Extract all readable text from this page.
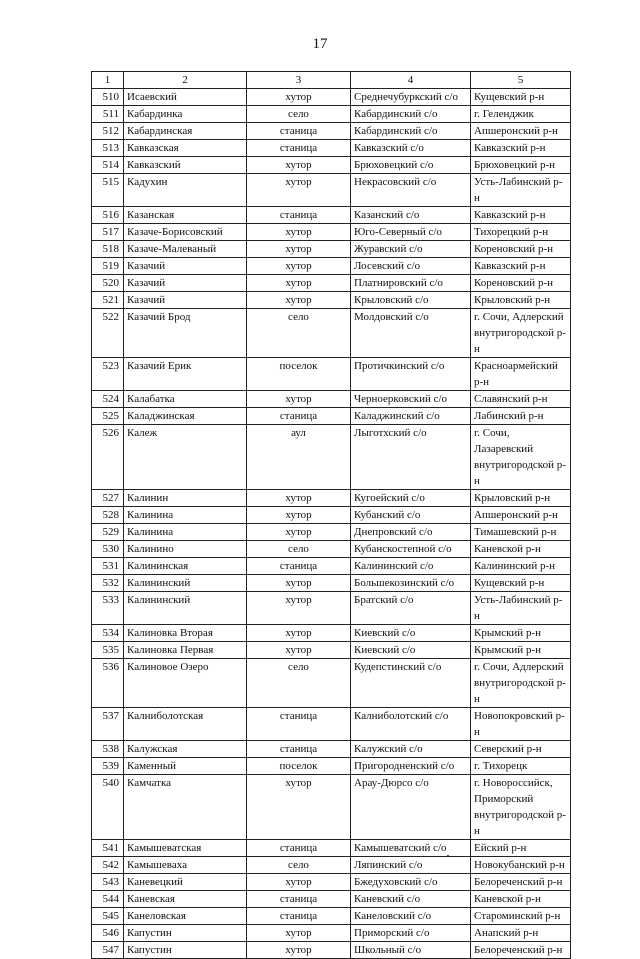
17
1	2	3	4	5
510	Исаевский	хутор	Среднечубуркский с/о	Кущевский р-н

511	Кабардинка	село	Кабардинский с/о	г. Геленджик

512	Кабардинская	станица	Кабардинский с/о	Апшеронский р-н

513	Кавказская	станица	Кавказский с/о	Кавказский р-н

514	Кавказский	хутор	Брюховецкий с/о	Брюховецкий р-н

515	Кадухин	хутор	Некрасовский с/о	Усть-Лабинский р-н

516	Казанская	станица	Казанский с/о	Кавказский р-н

517	Казаче-Борисовский	хутор	Юго-Северный с/о	Тихорецкий р-н

518	Казаче-Малеваный	хутор	Журавский с/о	Кореновский р-н

519	Казачий	хутор	Лосевский с/о	Кавказский р-н

520	Казачий	хутор	Платнировский с/о	Кореновский р-н

521	Казачий	хутор	Крыловский с/о	Крыловский р-н

522	Казачий Брод	село	Молдовский с/о	г. Сочи, Адлерский
внутригородской р-н

523	Казачий Ерик	поселок	Протичкинский с/о	Красноармейский р-н

524	Калабатка	хутор	Черноерковский с/о	Славянский р-н

525	Каладжинская	станица	Каладжинский с/о	Лабинский р-н

526	Калеж	аул	Лыготхский с/о	г. Сочи, Лазаревский
внутригородской р-н

527	Калинин	хутор	Кугоейский с/о	Крыловский р-н

528	Калинина	хутор	Кубанский с/о	Апшеронский р-н

529	Калинина	хутор	Днепровский с/о	Тимашевский р-н

530	Калинино	село	Кубанскостепной с/о	Каневской р-н

531	Калининская	станица	Калининский с/о	Калининский р-н

532	Калининский	хутор	Большекозинский с/о	Кущевский р-н

533	Калининский	хутор	Братский с/о	Усть-Лабинский р-н

534	Калиновка Вторая	хутор	Киевский с/о	Крымский р-н

535	Калиновка Первая	хутор	Киевский с/о	Крымский р-н

536	Калиновое Озеро	село	Кудепстинский с/о	г. Сочи, Адлерский
внутригородской р-н

537	Калниболотская	станица	Калниболотский с/о	Новопокровский р-н

538	Калужская	станица	Калужский с/о	Северский р-н

539	Каменный	поселок	Пригородненский с/о	г. Тихорецк

540	Камчатка	хутор	Арау-Дюрсо с/о	г. Новороссийск,
Приморский
внутригородской р-н

541	Камышеватская	станица	Камышеватский с/о	Ейский р-н

542	Камышеваха	село	Ляпинский с/о	Новокубанский р-н

543	Каневецкий	хутор	Бжедуховский с/о	Белореченский р-н

544	Каневская	станица	Каневский с/о	Каневской р-н

545	Канеловская	станица	Канеловский с/о	Староминский р-н

546	Капустин	хутор	Приморский с/о	Анапский р-н

547	Капустин	хутор	Школьный с/о	Белореченский р-н
